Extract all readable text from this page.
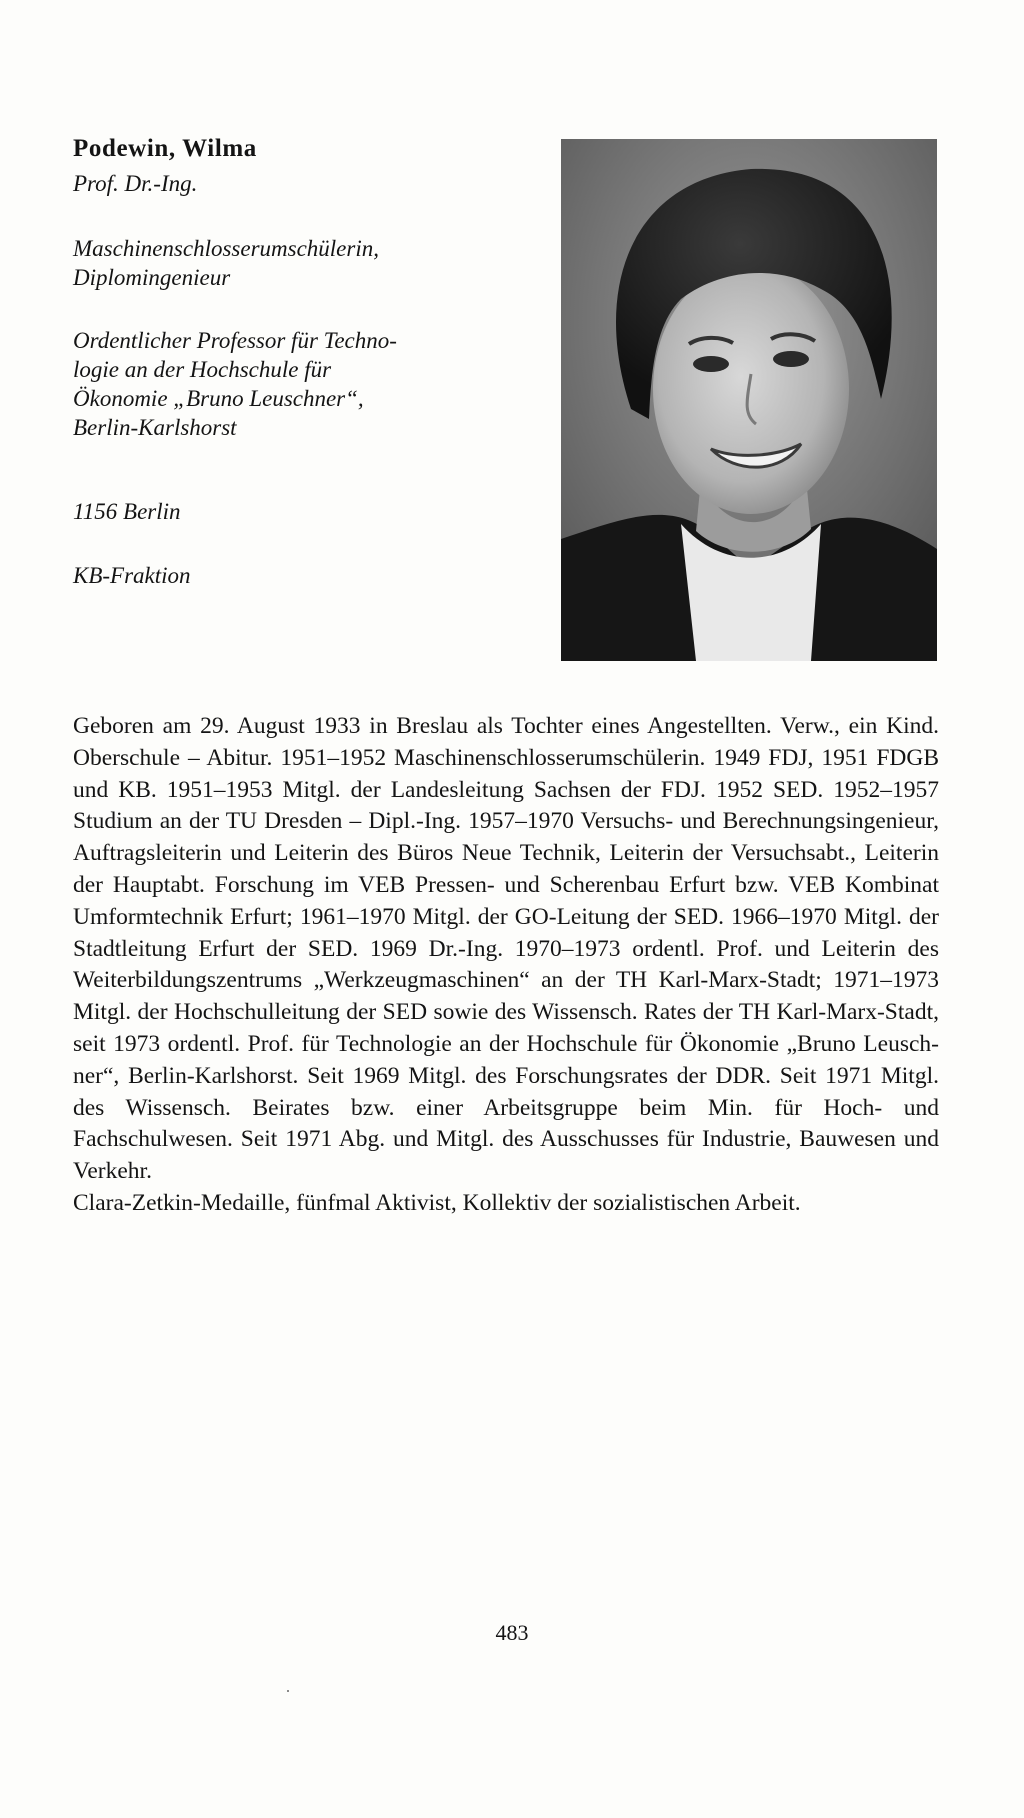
Podewin, Wilma
Prof. Dr.-Ing.
Maschinenschlosserumschülerin,
Diplomingenieur
Ordentlicher Professor für Techno-
logie an der Hochschule für
Ökonomie „Bruno Leuschner“,
Berlin-Karlshorst
1156 Berlin
KB-Fraktion

Geboren am 29. August 1933 in Breslau als Tochter eines Angestellten. Verw., ein Kind. Oberschule – Abitur. 1951–1952 Maschinenschlosserumschülerin. 1949 FDJ, 1951 FDGB und KB. 1951–1953 Mitgl. der Landesleitung Sachsen der FDJ. 1952 SED. 1952–1957 Studium an der TU Dresden – Dipl.-Ing. 1957–1970 Versuchs- und Berechnungsingenieur, Auftragsleiterin und Leiterin des Büros Neue Technik, Leiterin der Versuchsabt., Leiterin der Hauptabt. Forschung im VEB Pressen- und Scherenbau Erfurt bzw. VEB Kombinat Umformtechnik Erfurt; 1961–1970 Mitgl. der GO-Leitung der SED. 1966–1970 Mitgl. der Stadtleitung Erfurt der SED. 1969 Dr.-Ing. 1970–1973 ordentl. Prof. und Leiterin des Weiterbildungszentrums „Werkzeugmaschinen“ an der TH Karl-Marx-Stadt; 1971–1973 Mitgl. der Hochschulleitung der SED sowie des Wissensch. Rates der TH Karl-Marx-Stadt, seit 1973 ordentl. Prof. für Technologie an der Hochschule für Ökonomie „Bruno Leuschner“, Berlin-Karlshorst. Seit 1969 Mitgl. des Forschungsrates der DDR. Seit 1971 Mitgl. des Wissensch. Beirates bzw. einer Arbeitsgruppe beim Min. für Hoch- und Fachschulwesen. Seit 1971 Abg. und Mitgl. des Ausschusses für Industrie, Bauwesen und Verkehr.

Clara-Zetkin-Medaille, fünfmal Aktivist, Kollektiv der sozialistischen Arbeit.

483
